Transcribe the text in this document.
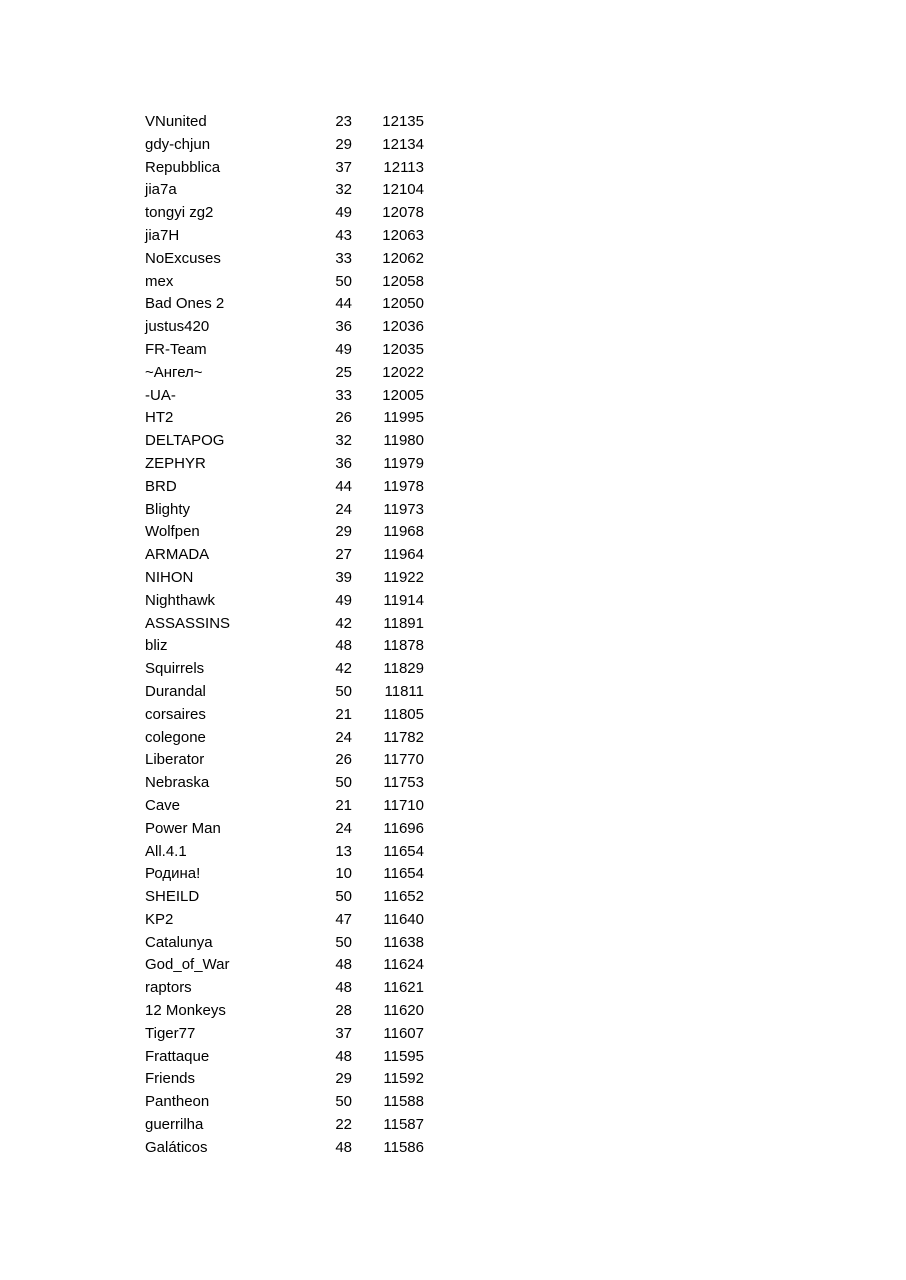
VNunited	23	12135
gdy-chjun	29	12134
Repubblica	37	12113
jia7a	32	12104
tongyi zg2	49	12078
jia7H	43	12063
NoExcuses	33	12062
mex	50	12058
Bad Ones 2	44	12050
justus420	36	12036
FR-Team	49	12035
~Ангел~	25	12022
-UA-	33	12005
HT2	26	11995
DELTAPOG	32	11980
ZEPHYR	36	11979
BRD	44	11978
Blighty	24	11973
Wolfpen	29	11968
ARMADA	27	11964
NIHON	39	11922
Nighthawk	49	11914
ASSASSINS	42	11891
bliz	48	11878
Squirrels	42	11829
Durandal	50	11811
corsaires	21	11805
colegone	24	11782
Liberator	26	11770
Nebraska	50	11753
Cave	21	11710
Power Man	24	11696
All.4.1	13	11654
Родина!	10	11654
SHEILD	50	11652
KP2	47	11640
Catalunya	50	11638
God_of_War	48	11624
raptors	48	11621
12 Monkeys	28	11620
Tiger77	37	11607
Frattaque	48	11595
Friends	29	11592
Pantheon	50	11588
guerrilha	22	11587
Galáticos	48	11586
